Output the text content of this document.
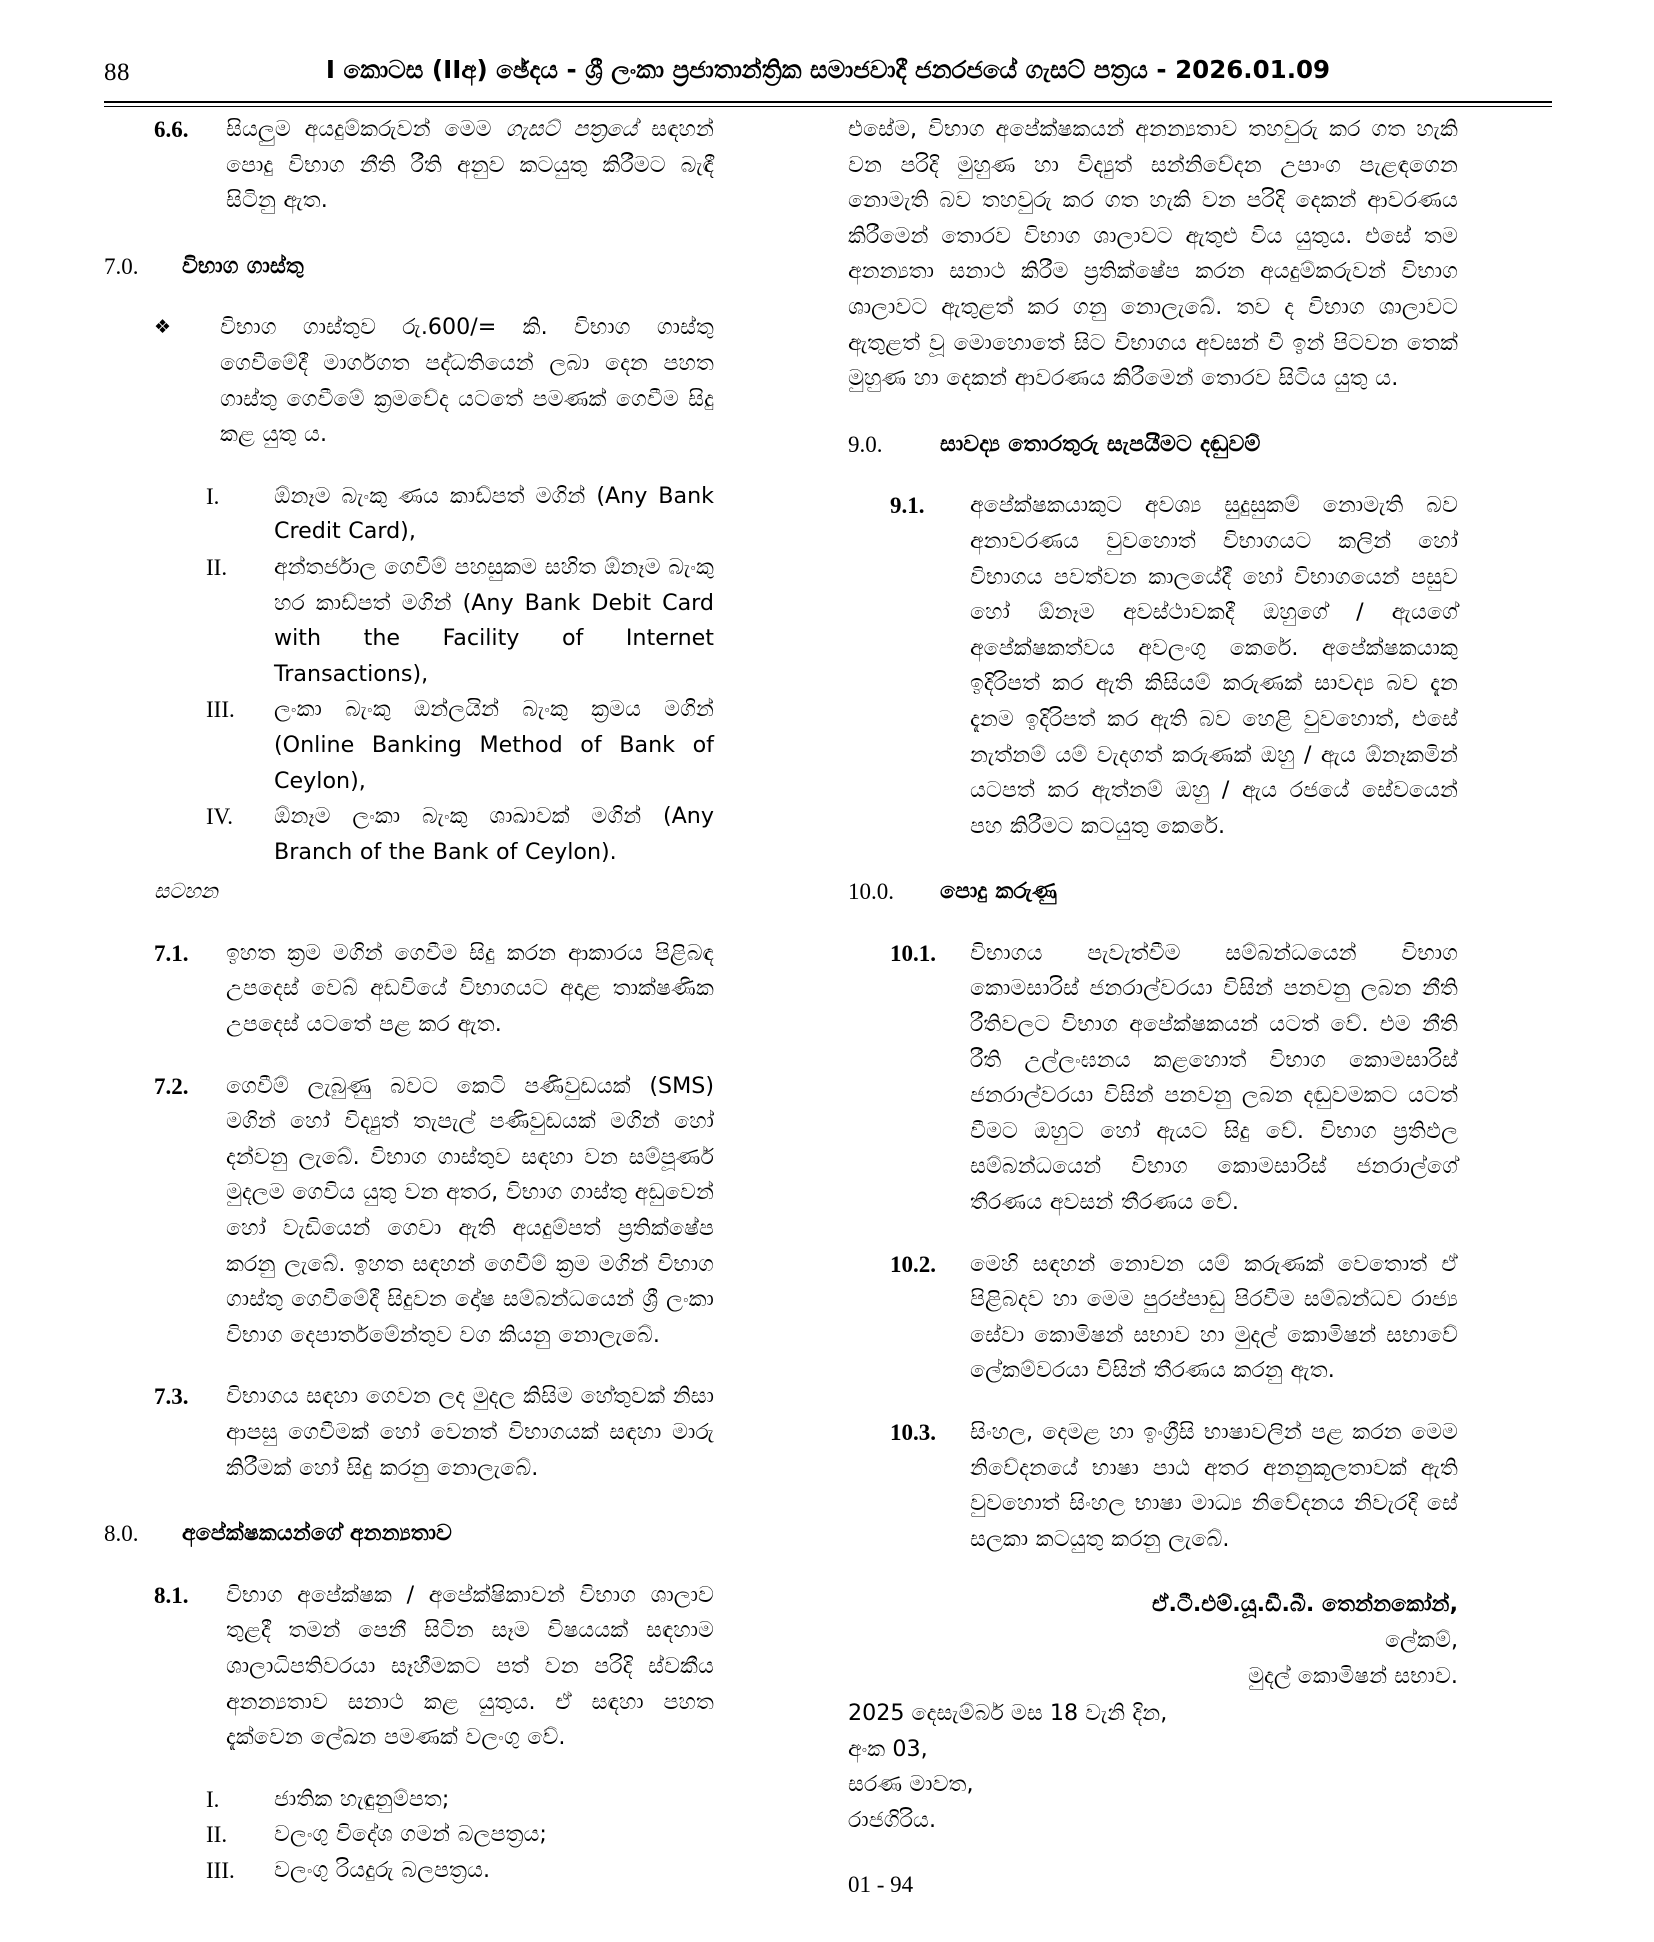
88	I කොටස (IIඅ) ඡේදය - ශ්‍රී ලංකා ප්‍රජාතාන්ත්‍රික සමාජවාදී ජනරජයේ ගැසට් පත්‍රය - 2026.01.09
6.6.	සියලුම අයදුම්කරුවන් මෙම ගැසට් පත්‍රයේ සඳහන් පොදු විභාග නීති රීති අනුව කටයුතු කිරීමට බැඳී සිටිනු ඇත.
7.0.	විභාග ගාස්තු
❖	විභාග ගාස්තුව රු.600/= කි. විභාග ගාස්තු ගෙවීමේදී මාර්ගගත පද්ධතියෙන් ලබා දෙන පහත ගාස්තු ගෙවීමේ ක්‍රමවේද යටතේ පමණක් ගෙවීම සිදු කළ යුතු ය.
I.	ඕනෑම බැංකු ණය කාඩ්පත් මගින් (Any Bank Credit Card),
II.	අන්තර්ජාල ගෙවීම් පහසුකම සහිත ඕනෑම බැංකු හර කාඩ්පත් මගින් (Any Bank Debit Card with the Facility of Internet Transactions),
III.	ලංකා බැංකු ඔන්ලයින් බැංකු ක්‍රමය මගින් (Online Banking Method of Bank of Ceylon),
IV.	ඕනෑම ලංකා බැංකු ශාඛාවක් මගින් (Any Branch of the Bank of Ceylon).
සටහන
7.1.	ඉහත ක්‍රම මගින් ගෙවීම සිදු කරන ආකාරය පිළිබඳ උපදෙස් වෙබ් අඩවියේ විභාගයට අදාළ තාක්ෂණික උපදෙස් යටතේ පළ කර ඇත.
7.2.	ගෙවීම් ලැබුණු බවට කෙටි පණිවුඩයක් (SMS) මගින් හෝ විද්‍යුත් තැපැල් පණිවුඩයක් මගින් හෝ දන්වනු ලැබේ. විභාග ගාස්තුව සඳහා වන සම්පූර්ණ මුදලම ගෙවිය යුතු වන අතර, විභාග ගාස්තු අඩුවෙන් හෝ වැඩියෙන් ගෙවා ඇති අයදුම්පත් ප්‍රතික්ෂේප කරනු ලැබේ. ඉහත සඳහන් ගෙවීම් ක්‍රම මගින් විභාග ගාස්තු ගෙවීමේදී සිදුවන දෝෂ සම්බන්ධයෙන් ශ්‍රී ලංකා විභාග දෙපාර්තමේන්තුව වග කියනු නොලැබේ.
7.3.	විභාගය සඳහා ගෙවන ලද මුදල කිසිම හේතුවක් නිසා ආපසු ගෙවීමක් හෝ වෙනත් විභාගයක් සඳහා මාරු කිරීමක් හෝ සිදු කරනු නොලැබේ.
8.0.	අපේක්ෂකයන්ගේ අනන්‍යතාව
8.1.	විභාග අපේක්ෂක / අපේක්ෂිකාවන් විභාග ශාලාව තුළදී තමන් පෙනී සිටින සෑම විෂයයක් සඳහාම ශාලාධිපතිවරයා සෑහීමකට පත් වන පරිදි ස්වකීය අනන්‍යතාව සනාථ කළ යුතුය. ඒ සඳහා පහත දැක්වෙන ලේඛන පමණක් වලංගු වේ.
I.	ජාතික හැඳුනුම්පත;
II.	වලංගු විදේශ ගමන් බලපත්‍රය;
III.	වලංගු රියදුරු බලපත්‍රය.
එසේම, විභාග අපේක්ෂකයන් අනන්‍යතාව තහවුරු කර ගත හැකි වන පරිදි මුහුණ හා විද්‍යුත් සන්නිවේදන උපාංග පැළඳගෙන නොමැති බව තහවුරු කර ගත හැකි වන පරිදි දෙකන් ආවරණය කිරීමෙන් තොරව විභාග ශාලාවට ඇතුළු විය යුතුය. එසේ තම අනන්‍යතා සනාථ කිරීම ප්‍රතික්ෂේප කරන අයදුම්කරුවන් විභාග ශාලාවට ඇතුළත් කර ගනු නොලැබේ. තව ද විභාග ශාලාවට ඇතුළත් වූ මොහොතේ සිට විභාගය අවසන් වී ඉන් පිටවන තෙක් මුහුණ හා දෙකන් ආවරණය කිරීමෙන් තොරව සිටිය යුතු ය.
9.0.	සාවද්‍ය තොරතුරු සැපයීමට දඬුවම්
9.1.	අපේක්ෂකයාකුට අවශ්‍ය සුදුසුකම් නොමැති බව අනාවරණය වුවහොත් විභාගයට කලින් හෝ විභාගය පවත්වන කාලයේදී හෝ විභාගයෙන් පසුව හෝ ඕනෑම අවස්ථාවකදී ඔහුගේ / ඇයගේ අපේක්ෂකත්වය අවලංගු කෙරේ. අපේක්ෂකයාකු ඉදිරිපත් කර ඇති කිසියම් කරුණක් සාවද්‍ය බව දැන දැනම ඉදිරිපත් කර ඇති බව හෙළි වුවහොත්, එසේ නැත්නම් යම් වැදගත් කරුණක් ඔහු / ඇය ඕනෑකමින් යටපත් කර ඇත්නම් ඔහු / ඇය රජයේ සේවයෙන් පහ කිරීමට කටයුතු කෙරේ.
10.0.	පොදු කරුණු
10.1.	විභාගය පැවැත්වීම සම්බන්ධයෙන් විභාග කොමසාරිස් ජනරාල්වරයා විසින් පනවනු ලබන නීති රීතිවලට විභාග අපේක්ෂකයන් යටත් වේ. එම නීති රීති උල්ලංඝනය කළහොත් විභාග කොමසාරිස් ජනරාල්වරයා විසින් පනවනු ලබන දඬුවමකට යටත් වීමට ඔහුට හෝ ඇයට සිදු වේ. විභාග ප්‍රතිඵල සම්බන්ධයෙන් විභාග කොමසාරිස් ජනරාල්ගේ තීරණය අවසන් තීරණය වේ.
10.2.	මෙහි සඳහන් නොවන යම් කරුණක් වෙතොත් ඒ පිළිබදව හා මෙම පුරප්පාඩු පිරවීම සම්බන්ධව රාජ්‍ය සේවා කොමිෂන් සභාව හා මුදල් කොමිෂන් සභාවේ ලේකම්වරයා විසින් තීරණය කරනු ඇත.
10.3.	සිංහල, දෙමළ හා ඉංග්‍රීසි භාෂාවලින් පළ කරන මෙම නිවේදනයේ භාෂා පාඨ අතර අනනුකූලතාවක් ඇති වුවහොත් සිංහල භාෂා මාධ්‍ය නිවේදනය නිවැරදි සේ සලකා කටයුතු කරනු ලැබේ.
ඒ.ටී.එම්.යූ.ඩී.බී. තෙන්නකෝන්,
ලේකම්,
මුදල් කොමිෂන් සභාව.
2025 දෙසැම්බර් මස 18 වැනි දින,
අංක 03,
සරණ මාවත,
රාජගිරිය.
01 - 94
